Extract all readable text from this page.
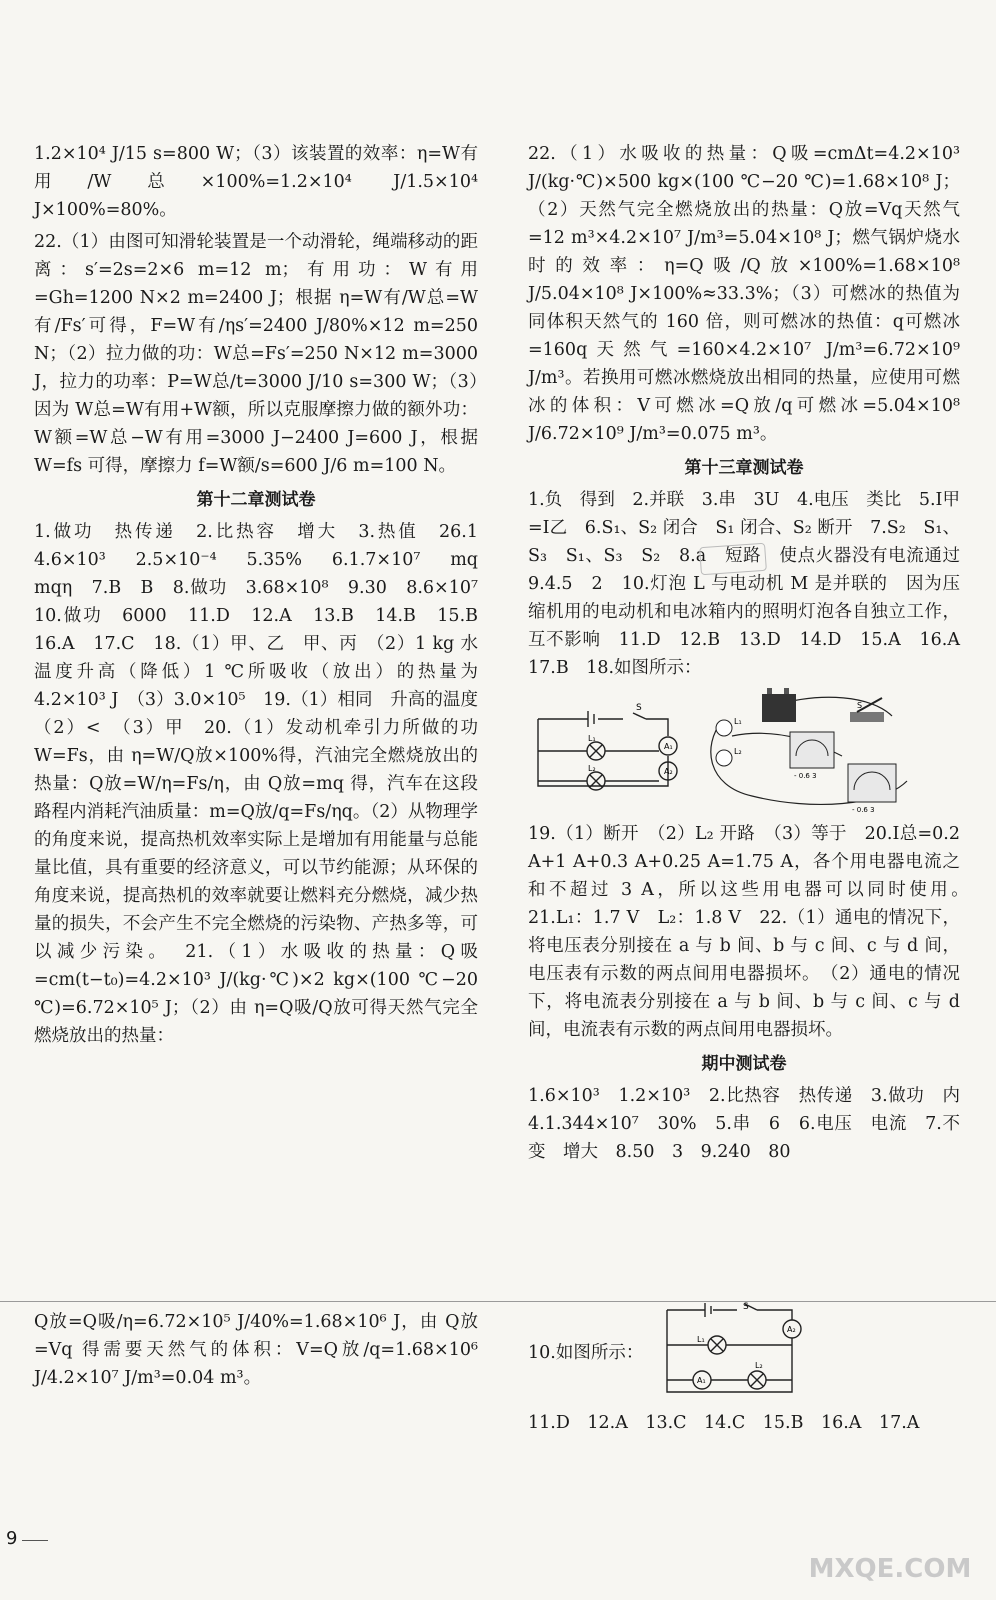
1.2×10⁴ J/15 s=800 W；（3）该装置的效率：η=W有用/W总×100%=1.2×10⁴ J/1.5×10⁴ J×100%=80%。

22.（1）由图可知滑轮装置是一个动滑轮，绳端移动的距离：s′=2s=2×6 m=12 m；有用功：W有用=Gh=1200 N×2 m=2400 J；根据 η=W有/W总=W有/Fs′可得，F=W有/ηs′=2400 J/80%×12 m=250 N；（2）拉力做的功：W总=Fs′=250 N×12 m=3000 J，拉力的功率：P=W总/t=3000 J/10 s=300 W；（3）因为 W总=W有用+W额，所以克服摩擦力做的额外功：W额=W总−W有用=3000 J−2400 J=600 J，根据 W=fs 可得，摩擦力 f=W额/s=600 J/6 m=100 N。

第十二章测试卷

1.做功　热传递　2.比热容　增大　3.热值　26.1　4.6×10³　2.5×10⁻⁴　5.35%　6.1.7×10⁷　mq　mqη　7.B　B　8.做功　3.68×10⁸　9.30　8.6×10⁷　10.做功　6000　11.D　12.A　13.B　14.B　15.B　16.A　17.C　18.（1）甲、乙　甲、丙　（2）1 kg 水温度升高（降低）1 ℃所吸收（放出）的热量为 4.2×10³ J　（3）3.0×10⁵　19.（1）相同　升高的温度　（2）<　（3）甲　20.（1）发动机牵引力所做的功 W=Fs，由 η=W/Q放×100%得，汽油完全燃烧放出的热量：Q放=W/η=Fs/η，由 Q放=mq 得，汽车在这段路程内消耗汽油质量：m=Q放/q=Fs/ηq。（2）从物理学的角度来说，提高热机效率实际上是增加有用能量与总能量比值，具有重要的经济意义，可以节约能源；从环保的角度来说，提高热机的效率就要让燃料充分燃烧，减少热量的损失，不会产生不完全燃烧的污染物、产热多等，可以减少污染。　21.（1）水吸收的热量：Q吸=cm(t−t₀)=4.2×10³ J/(kg·℃)×2 kg×(100 ℃−20 ℃)=6.72×10⁵ J；（2）由 η=Q吸/Q放可得天然气完全燃烧放出的热量：

Q放=Q吸/η=6.72×10⁵ J/40%=1.68×10⁶ J，由 Q放=Vq 得需要天然气的体积：V=Q放/q=1.68×10⁶ J/4.2×10⁷ J/m³=0.04 m³。

22.（1）水吸收的热量：Q吸=cmΔt=4.2×10³ J/(kg·℃)×500 kg×(100 ℃−20 ℃)=1.68×10⁸ J；（2）天然气完全燃烧放出的热量：Q放=Vq天然气=12 m³×4.2×10⁷ J/m³=5.04×10⁸ J；燃气锅炉烧水时的效率：η=Q吸/Q放×100%=1.68×10⁸ J/5.04×10⁸ J×100%≈33.3%；（3）可燃冰的热值为同体积天然气的 160 倍，则可燃冰的热值：q可燃冰=160q天然气=160×4.2×10⁷ J/m³=6.72×10⁹ J/m³。若换用可燃冰燃烧放出相同的热量，应使用可燃冰的体积：V可燃冰=Q放/q可燃冰=5.04×10⁸ J/6.72×10⁹ J/m³=0.075 m³。

第十三章测试卷

1.负　得到　2.并联　3.串　3U　4.电压　类比　5.I甲=I乙　6.S₁、S₂ 闭合　S₁ 闭合、S₂ 断开　7.S₂　S₁、S₃　S₁、S₃　S₂　8.a　短路　使点火器没有电流通过　9.4.5　2　10.灯泡 L 与电动机 M 是并联的　因为压缩机用的电动机和电冰箱内的照明灯泡各自独立工作，互不影响　11.D　12.B　13.D　14.D　15.A　16.A　17.B　18.如图所示：

S
A₁
A₂
L₁
L₂
L₁
L₂
S
- 0.6 3
- 0.6 3

19.（1）断开　（2）L₂ 开路　（3）等于　20.I总=0.2 A+1 A+0.3 A+0.25 A=1.75 A，各个用电器电流之和不超过 3 A，所以这些用电器可以同时使用。　21.L₁：1.7 V　L₂：1.8 V　22.（1）通电的情况下，将电压表分别接在 a 与 b 间、b 与 c 间、c 与 d 间，电压表有示数的两点间用电器损坏。　（2）通电的情况下，将电流表分别接在 a 与 b 间、b 与 c 间、c 与 d 间，电流表有示数的两点间用电器损坏。

期中测试卷

1.6×10³　1.2×10³　2.比热容　热传递　3.做功　内　4.1.344×10⁷　30%　5.串　6　6.电压　电流　7.不变　增大　8.50　3　9.240　80

10.如图所示：
S
A₂
A₁
L₁
L₂

11.D　12.A　13.C　14.C　15.B　16.A　17.A

9
MXQE.COM
